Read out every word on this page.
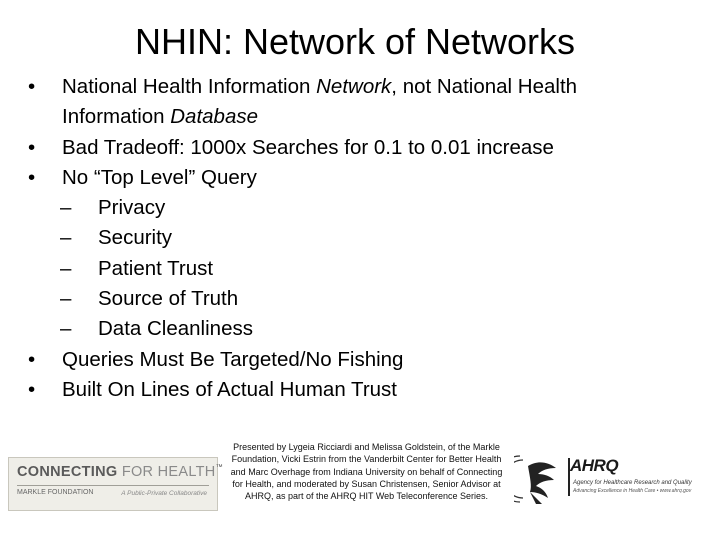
NHIN: Network of Networks
•	National Health Information Network, not National Health
Information Database
•	Bad Tradeoff: 1000x Searches for 0.1 to 0.01 increase
•	No “Top Level” Query
– Privacy
– Security
– Patient Trust
– Source of Truth
– Data Cleanliness
•	Queries Must Be Targeted/No Fishing
•	Built On Lines of Actual Human Trust
CONNECTING FOR HEALTH™
MARKLE FOUNDATION	A Public-Private Collaborative
Presented by Lygeia Ricciardi and Melissa Goldstein, of the Markle Foundation, Vicki Estrin from the Vanderbilt Center for Better Health and Marc Overhage from Indiana University on behalf of Connecting for Health, and moderated by Susan Christensen, Senior Advisor at AHRQ, as part of the AHRQ HIT Web Teleconference Series.
AHRQ
Agency for Healthcare Research and Quality
Advancing Excellence in Health Care • www.ahrq.gov
